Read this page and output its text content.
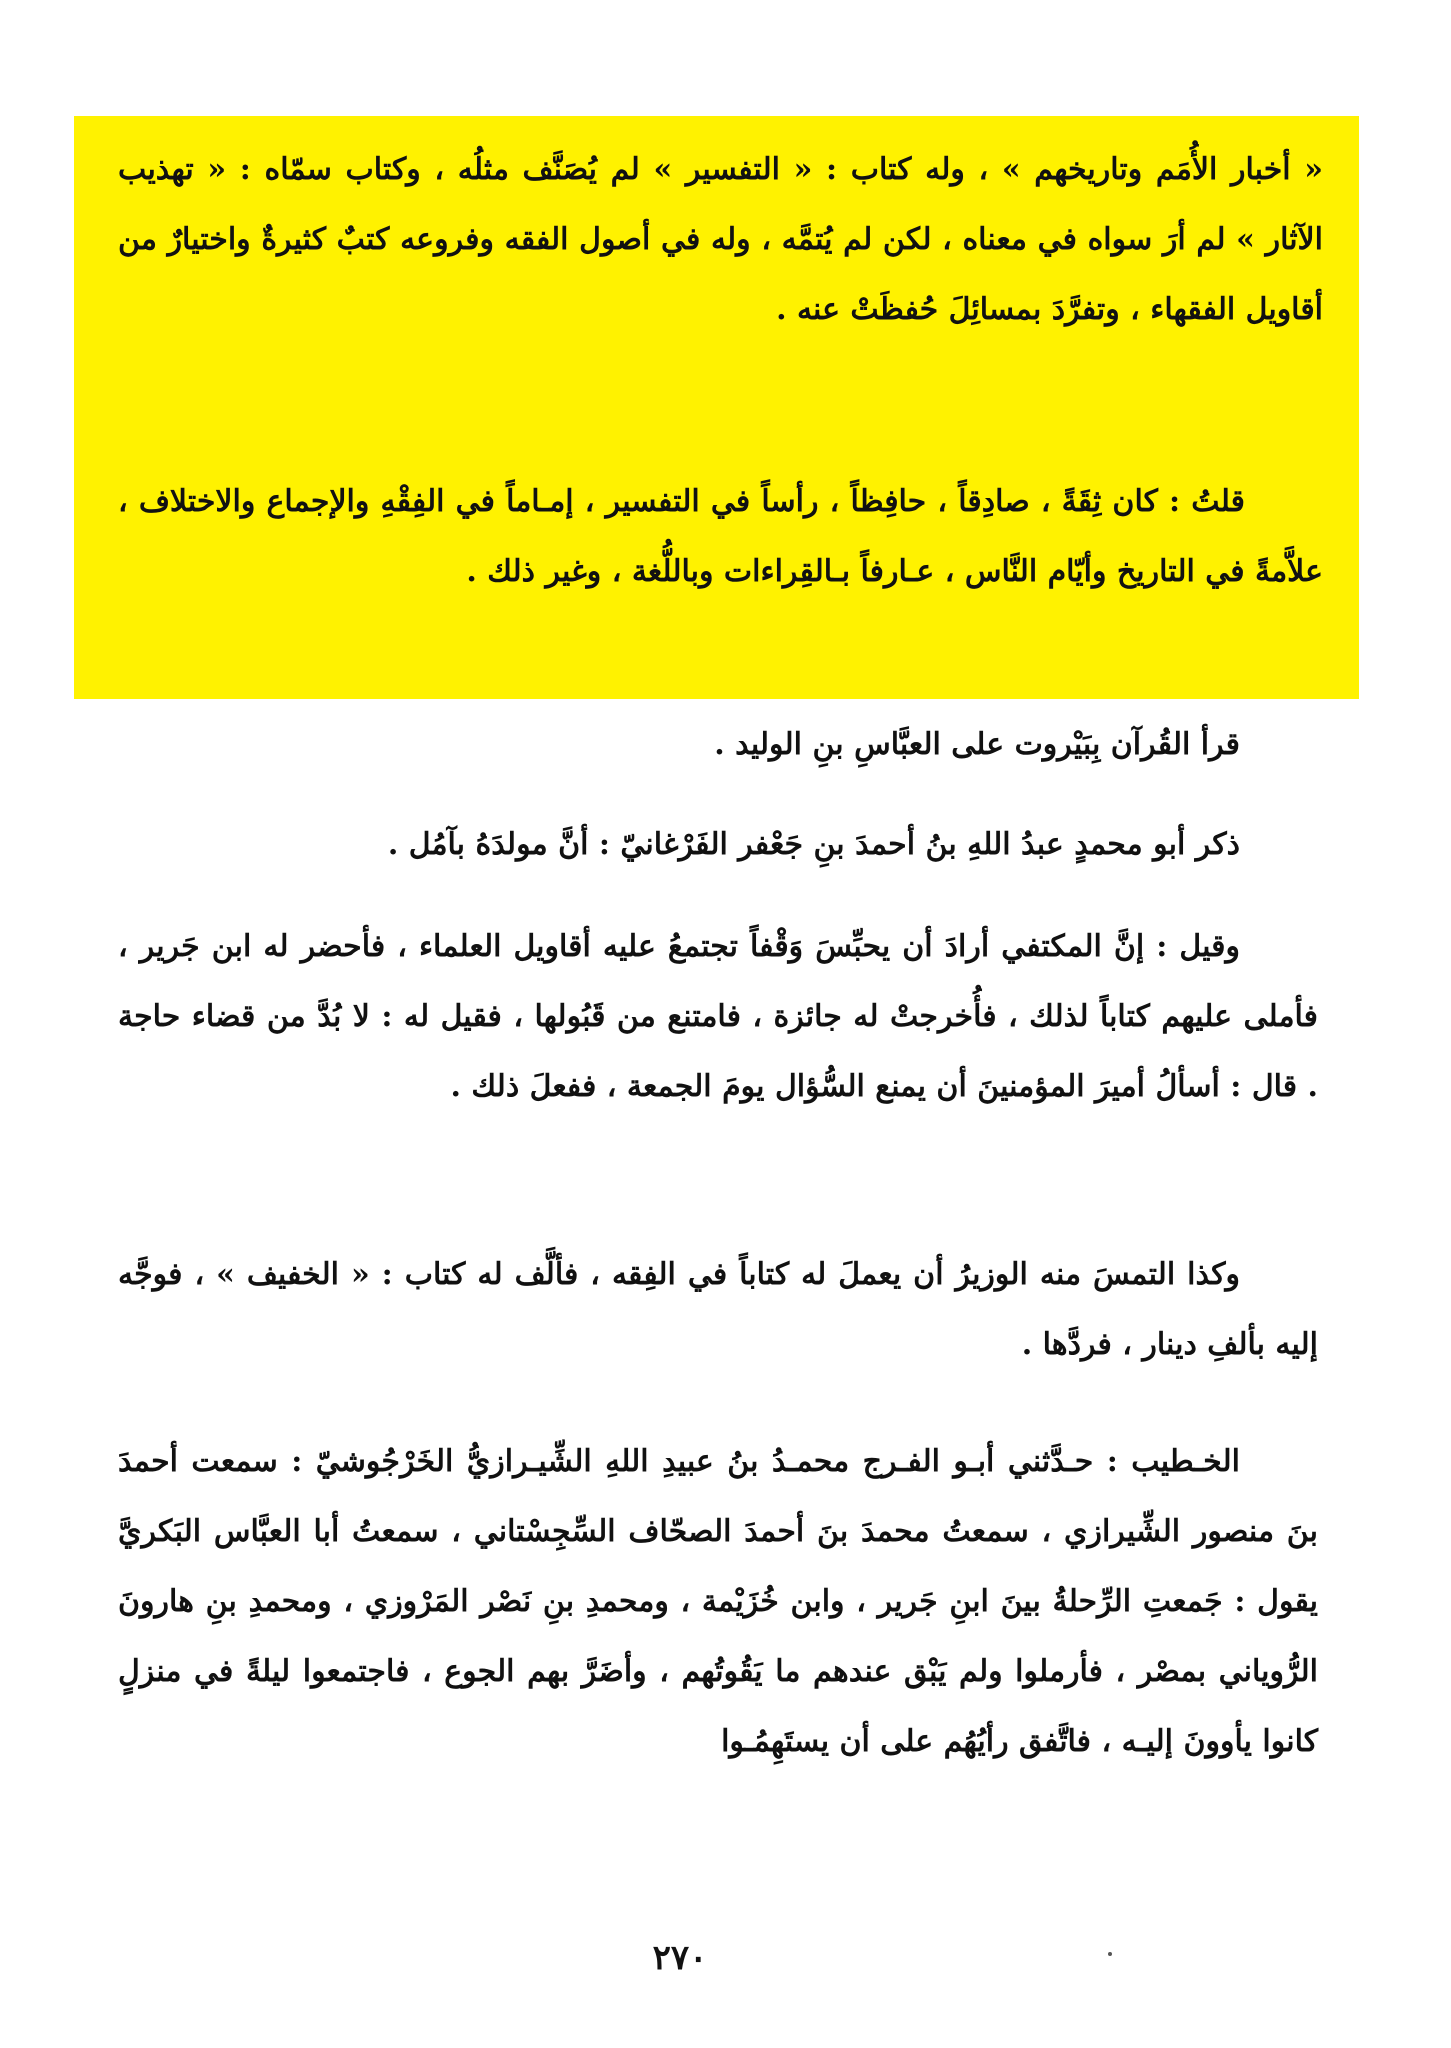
« أخبار الأُمَم وتاريخهم » ، وله كتاب : « التفسير » لم يُصَنَّف مثلُه ، وكتاب سمّاه : « تهذيب الآثار » لم أرَ سواه في معناه ، لكن لم يُتمَّه ، وله في أصول الفقه وفروعه كتبٌ كثيرةٌ واختيارٌ من أقاويل الفقهاء ، وتفرَّدَ بمسائِلَ حُفظَتْ عنه .

قلتُ : كان ثِقَةً ، صادِقاً ، حافِظاً ، رأساً في التفسير ، إمـاماً في الفِقْهِ والإجماع والاختلاف ، علاَّمةً في التاريخ وأيّام النَّاس ، عـارفاً بـالقِراءات وباللُّغة ، وغير ذلك .

قرأ القُرآن بِبَيْروت على العبَّاسِ بنِ الوليد .

ذكر أبو محمدٍ عبدُ اللهِ بنُ أحمدَ بنِ جَعْفر الفَرْغانيّ : أنَّ مولدَهُ بآمُل .

وقيل : إنَّ المكتفي أرادَ أن يحبِّسَ وَقْفاً تجتمعُ عليه أقاويل العلماء ، فأحضر له ابن جَرير ، فأملى عليهم كتاباً لذلك ، فأُخرجتْ له جائزة ، فامتنع من قَبُولها ، فقيل له : لا بُدَّ من قضاء حاجة . قال : أسألُ أميرَ المؤمنينَ أن يمنع السُّؤال يومَ الجمعة ، ففعلَ ذلك .

وكذا التمسَ منه الوزيرُ أن يعملَ له كتاباً في الفِقه ، فألَّف له كتاب : « الخفيف » ، فوجَّه إليه بألفِ دينار ، فردَّها .

الخـطيب : حـدَّثني أبـو الفـرج محمـدُ بنُ عبيدِ اللهِ الشِّيـرازيُّ الخَرْجُوشيّ : سمعت أحمدَ بنَ منصور الشِّيرازي ، سمعتُ محمدَ بنَ أحمدَ الصحّاف السِّجِسْتاني ، سمعتُ أبا العبَّاس البَكريَّ يقول : جَمعتِ الرِّحلةُ بينَ ابنِ جَرير ، وابن خُزَيْمة ، ومحمدِ بنِ نَصْر المَرْوزي ، ومحمدِ بنِ هارونَ الرُّوياني بمصْر ، فأرملوا ولم يَبْق عندهم ما يَقُوتُهم ، وأضَرَّ بهم الجوع ، فاجتمعوا ليلةً في منزلٍ كانوا يأوونَ إليـه ، فاتَّفق رأيُهُم على أن يستَهِمُـوا

٢٧٠
